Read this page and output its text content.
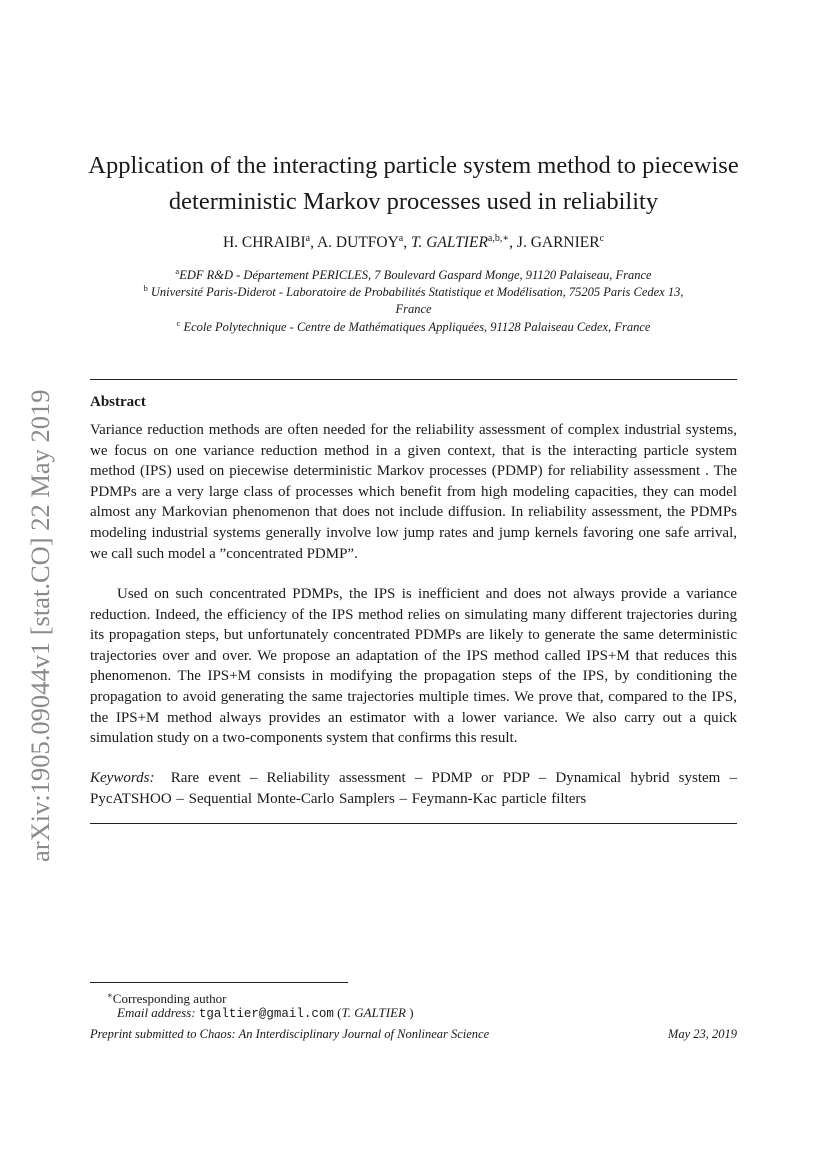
arXiv:1905.09044v1 [stat.CO] 22 May 2019
Application of the interacting particle system method to piecewise
deterministic Markov processes used in reliability
H. CHRAIBI$^a$, A. DUTFOY$^a$, T. $GALTIER^{a,b,∗}$, J. GARNIER$^c$
$^a$EDF R&D - Département PERICLES, 7 Boulevard Gaspard Monge, 91120 Palaiseau, France
$^b$ Université Paris-Diderot - Laboratoire de Probabilités Statistique et Modélisation, 75205 Paris Cedex 13,
France
$^c$ Ecole Polytechnique - Centre de Mathématiques Appliquées, 91128 Palaiseau Cedex, France
Abstract

Variance reduction methods are often needed for the reliability assessment of complex industrial systems, we focus on one variance reduction method in a given context, that is the interacting particle system method (IPS) used on piecewise deterministic Markov processes (PDMP) for reliability assessment . The PDMPs are a very large class of processes which benefit from high modeling capacities, they can model almost any Markovian phenomenon that does not include diffusion. In reliability assessment, the PDMPs modeling industrial systems generally involve low jump rates and jump kernels favoring one safe arrival, we call such model a ”concentrated PDMP”.

Used on such concentrated PDMPs, the IPS is inefficient and does not always provide a variance reduction. Indeed, the efficiency of the IPS method relies on simulating many different trajectories during its propagation steps, but unfortunately concentrated PDMPs are likely to generate the same deterministic trajectories over and over. We propose an adaptation of the IPS method called IPS+M that reduces this phenomenon. The IPS+M consists in modifying the propagation steps of the IPS, by conditioning the propagation to avoid generating the same trajectories multiple times. We prove that, compared to the IPS, the IPS+M method always provides an estimator with a lower variance. We also carry out a quick simulation study on a two-components system that confirms this result.

Keywords: Rare event – Reliability assessment – PDMP or PDP – Dynamical hybrid system – PycATSHOO – Sequential Monte-Carlo Samplers – Feymann-Kac particle filters

∗Corresponding author
Email address: tgaltier@gmail.com (T. GALTIER )
Preprint submitted to Chaos: An Interdisciplinary Journal of Nonlinear Science	May 23, 2019
